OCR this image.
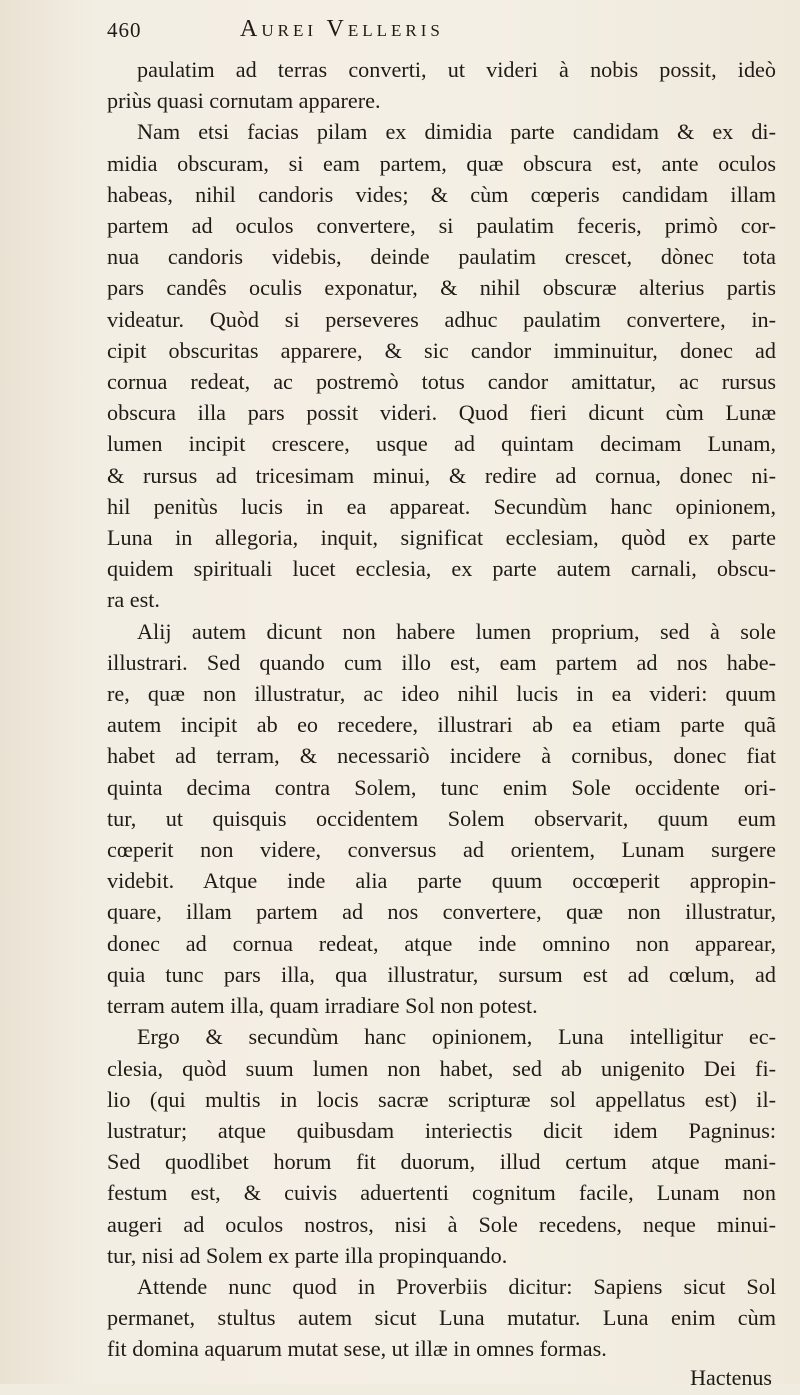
460	Aurei Velleris

paulatim ad terras converti, ut videri à nobis possit, ideò
priùs quasi cornutam apparere.

Nam etsi facias pilam ex dimidia parte candidam & ex di-
midia obscuram, si eam partem, quæ obscura est, ante oculos
habeas, nihil candoris vides; & cùm cœperis candidam illam
partem ad oculos convertere, si paulatim feceris, primò cor-
nua candoris videbis, deinde paulatim crescet, dònec tota
pars candês oculis exponatur, & nihil obscuræ alterius partis
videatur. Quòd si perseveres adhuc paulatim convertere, in-
cipit obscuritas apparere, & sic candor imminuitur, donec ad
cornua redeat, ac postremò totus candor amittatur, ac rursus
obscura illa pars possit videri. Quod fieri dicunt cùm Lunæ
lumen incipit crescere, usque ad quintam decimam Lunam,
& rursus ad tricesimam minui, & redire ad cornua, donec ni-
hil penitùs lucis in ea appareat. Secundùm hanc opinionem,
Luna in allegoria, inquit, significat ecclesiam, quòd ex parte
quidem spirituali lucet ecclesia, ex parte autem carnali, obscu-
ra est.

Alij autem dicunt non habere lumen proprium, sed à sole
illustrari. Sed quando cum illo est, eam partem ad nos habe-
re, quæ non illustratur, ac ideo nihil lucis in ea videri: quum
autem incipit ab eo recedere, illustrari ab ea etiam parte quã
habet ad terram, & necessariò incidere à cornibus, donec fiat
quinta decima contra Solem, tunc enim Sole occidente ori-
tur, ut quisquis occidentem Solem observarit, quum eum
cœperit non videre, conversus ad orientem, Lunam surgere
videbit. Atque inde alia parte quum occœperit appropin-
quare, illam partem ad nos convertere, quæ non illustratur,
donec ad cornua redeat, atque inde omnino non apparear,
quia tunc pars illa, qua illustratur, sursum est ad cœlum, ad
terram autem illa, quam irradiare Sol non potest.

Ergo & secundùm hanc opinionem, Luna intelligitur ec-
clesia, quòd suum lumen non habet, sed ab unigenito Dei fi-
lio (qui multis in locis sacræ scripturæ sol appellatus est) il-
lustratur; atque quibusdam interiectis dicit idem Pagninus:
Sed quodlibet horum fit duorum, illud certum atque mani-
festum est, & cuivis aduertenti cognitum facile, Lunam non
augeri ad oculos nostros, nisi à Sole recedens, neque minui-
tur, nisi ad Solem ex parte illa propinquando.

Attende nunc quod in Proverbiis dicitur: Sapiens sicut Sol
permanet, stultus autem sicut Luna mutatur. Luna enim cùm
fit domina aquarum mutat sese, ut illæ in omnes formas.

Hactenus
